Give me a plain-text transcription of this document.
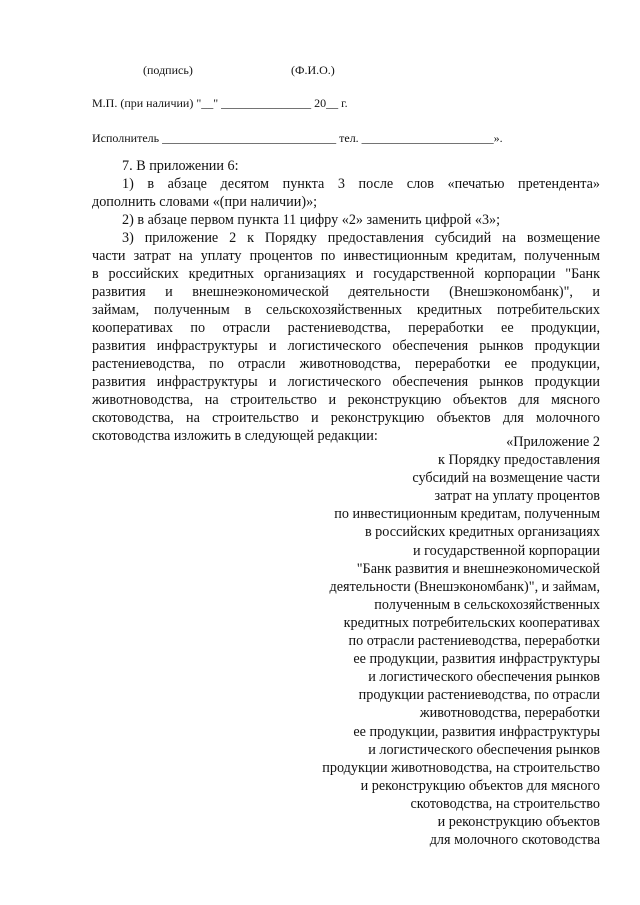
(подпись)	(Ф.И.О.)
М.П. (при наличии) "__" _______________ 20__ г.
Исполнитель _____________________________ тел. ______________________».
7. В приложении 6:
1) в абзаце десятом пункта 3 после слов «печатью претендента»
дополнить словами «(при наличии)»;
2) в абзаце первом пункта 11 цифру «2» заменить цифрой «3»;
3) приложение 2 к Порядку предоставления субсидий на возмещение
части затрат на уплату процентов по инвестиционным кредитам, полученным
в российских кредитных организациях и государственной корпорации "Банк
развития и внешнеэкономической деятельности (Внешэкономбанк)", и
займам, полученным в сельскохозяйственных кредитных потребительских
кооперативах по отрасли растениеводства, переработки ее продукции,
развития инфраструктуры и логистического обеспечения рынков продукции
растениеводства, по отрасли животноводства, переработки ее продукции,
развития инфраструктуры и логистического обеспечения рынков продукции
животноводства, на строительство и реконструкцию объектов для мясного
скотоводства, на строительство и реконструкцию объектов для молочного
скотоводства изложить в следующей редакции:	«Приложение 2
к Порядку предоставления
субсидий на возмещение части
затрат на уплату процентов
по инвестиционным кредитам, полученным
в российских кредитных организациях
и государственной корпорации
"Банк развития и внешнеэкономической
деятельности (Внешэкономбанк)", и займам,
полученным в сельскохозяйственных
кредитных потребительских кооперативах
по отрасли растениеводства, переработки
ее продукции, развития инфраструктуры
и логистического обеспечения рынков
продукции растениеводства, по отрасли
животноводства, переработки
ее продукции, развития инфраструктуры
и логистического обеспечения рынков
продукции животноводства, на строительство
и реконструкцию объектов для мясного
скотоводства, на строительство
и реконструкцию объектов
для молочного скотоводства
